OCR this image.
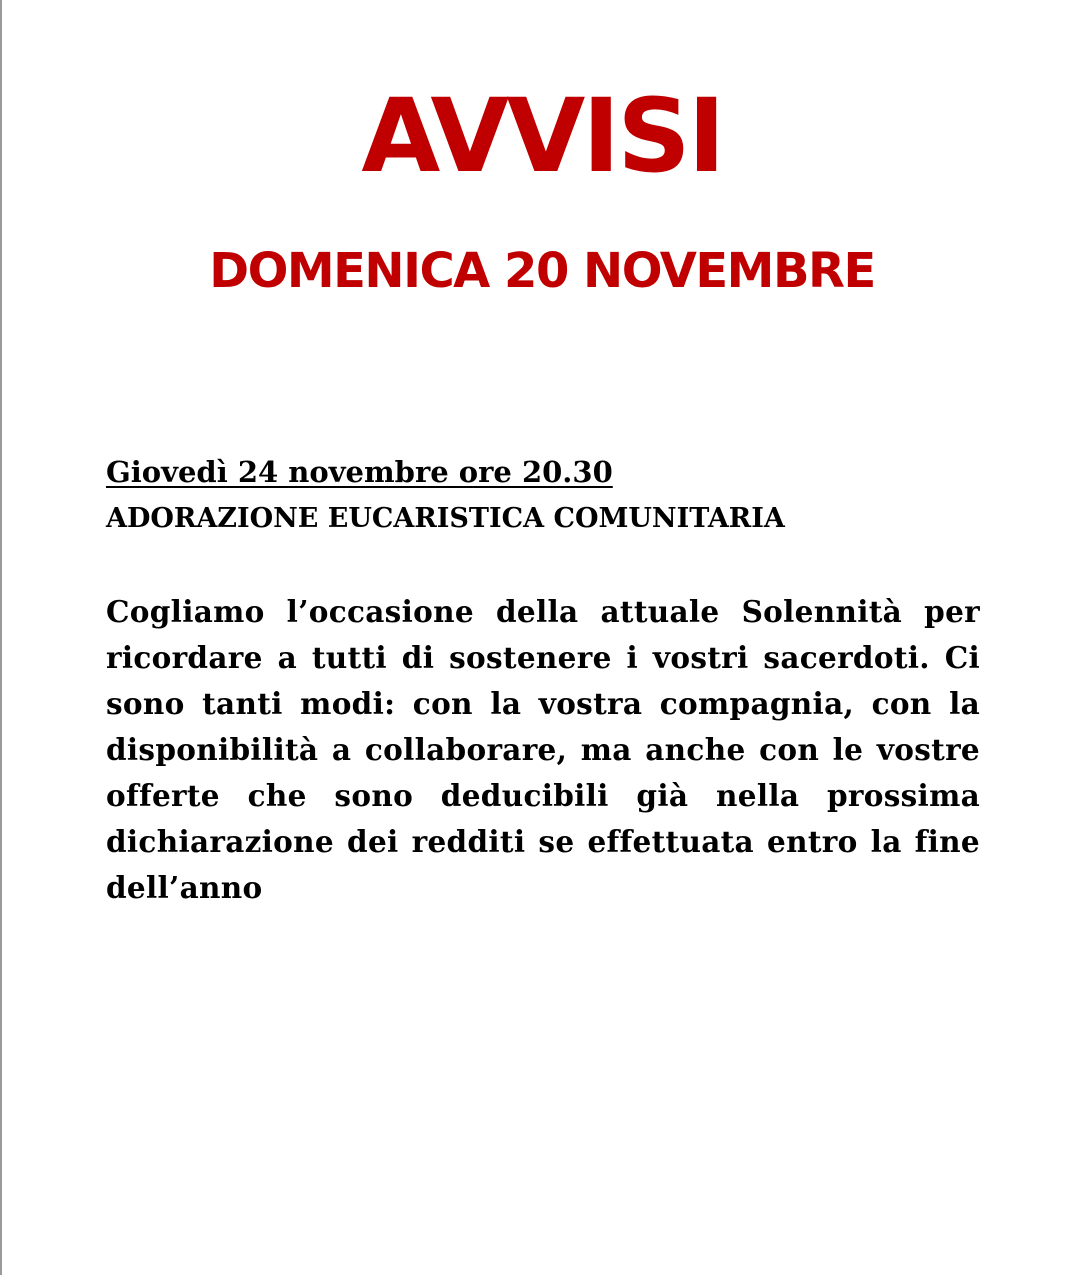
AVVISI
DOMENICA 20 NOVEMBRE
Giovedì 24 novembre ore 20.30
ADORAZIONE EUCARISTICA COMUNITARIA
Cogliamo l’occasione della attuale Solennità per ricordare a tutti di sostenere i vostri sacerdoti. Ci sono tanti modi: con la vostra compagnia, con la disponibilità a collaborare, ma anche con le vostre offerte che sono deducibili già nella prossima dichiarazione dei redditi se effettuata entro la fine dell’anno
